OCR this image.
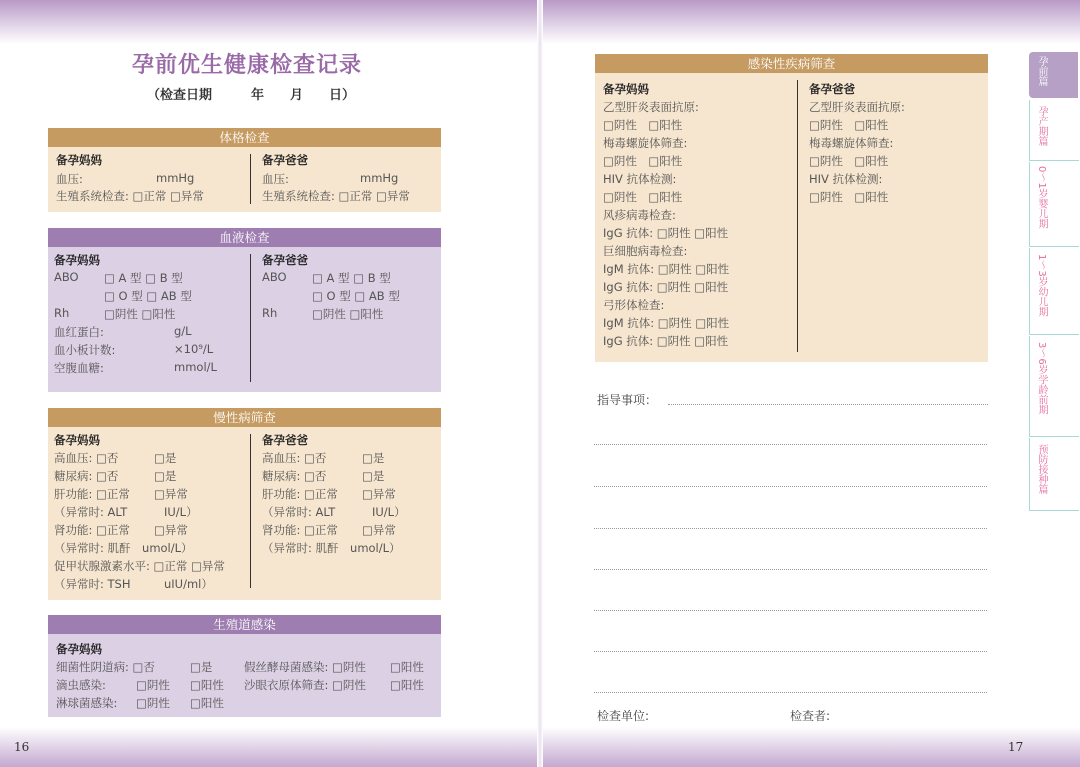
孕前优生健康检查记录
（检查日期　　　年　　月　　日）
体格检查
备孕妈妈
血压:	mmHg
生殖系统检查: □正常 □异常
备孕爸爸
血压:	mmHg
生殖系统检查: □正常 □异常
血液检查
备孕妈妈
ABO □ A 型 □ B 型
□ O 型 □ AB 型
Rh	□阴性 □阳性
血红蛋白:	g/L
血小板计数:	×10⁹/L
空腹血糖:	mmol/L
备孕爸爸
ABO □ A 型 □ B 型
□ O 型 □ AB 型
Rh	□阴性 □阳性
慢性病筛查
备孕妈妈
高血压: □否	□是
糖尿病: □否	□是
肝功能: □正常 □异常
（异常时: ALT	IU/L）
肾功能: □正常 □异常
（异常时: 肌酐　umol/L）
促甲状腺激素水平: □正常 □异常
（异常时: TSH	uIU/ml）
备孕爸爸
高血压: □否	□是
糖尿病: □否	□是
肝功能: □正常 □异常
（异常时: ALT	IU/L）
肾功能: □正常 □异常
（异常时: 肌酐　umol/L）
生殖道感染
备孕妈妈
细菌性阴道病: □否	□是	假丝酵母菌感染: □阴性 □阳性
滴虫感染:	□阴性 □阳性 沙眼衣原体筛查: □阴性 □阳性
淋球菌感染: □阴性 □阳性
16
感染性疾病筛查
备孕妈妈
乙型肝炎表面抗原:
□阴性　□阳性
梅毒螺旋体筛查:
□阴性　□阳性
HIV 抗体检测:
□阴性　□阳性
风疹病毒检查:
IgG 抗体: □阴性 □阳性
巨细胞病毒检查:
IgM 抗体: □阴性 □阳性
IgG 抗体: □阴性 □阳性
弓形体检查:
IgM 抗体: □阴性 □阳性
IgG 抗体: □阴性 □阳性
备孕爸爸
乙型肝炎表面抗原:
□阴性　□阳性
梅毒螺旋体筛查:
□阴性　□阳性
HIV 抗体检测:
□阴性　□阳性
指导事项：
检查单位:	检查者:
17
孕前篇
孕产期篇
0～1岁婴儿期
1～3岁幼儿期
3～6岁学龄前期
预防接种篇
